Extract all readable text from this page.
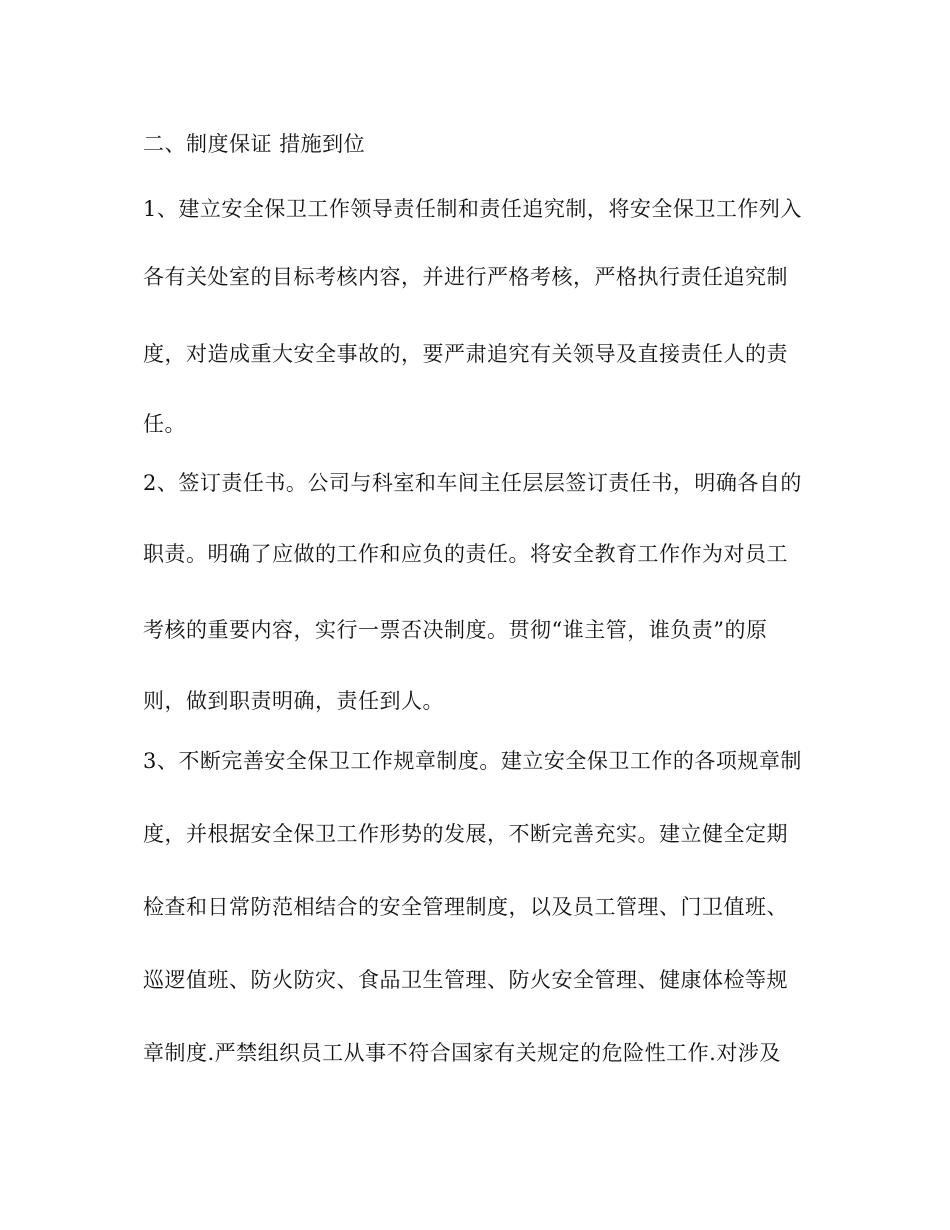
二、制度保证 措施到位
1、建立安全保卫工作领导责任制和责任追究制，将安全保卫工作列入
各有关处室的目标考核内容，并进行严格考核，严格执行责任追究制
度，对造成重大安全事故的，要严肃追究有关领导及直接责任人的责
任。
2、签订责任书。公司与科室和车间主任层层签订责任书，明确各自的
职责。明确了应做的工作和应负的责任。将安全教育工作作为对员工
考核的重要内容，实行一票否决制度。贯彻“谁主管，谁负责”的原
则，做到职责明确，责任到人。
3、不断完善安全保卫工作规章制度。建立安全保卫工作的各项规章制
度，并根据安全保卫工作形势的发展，不断完善充实。建立健全定期
检查和日常防范相结合的安全管理制度，以及员工管理、门卫值班、
巡逻值班、防火防灾、食品卫生管理、防火安全管理、健康体检等规
章制度.严禁组织员工从事不符合国家有关规定的危险性工作.对涉及
